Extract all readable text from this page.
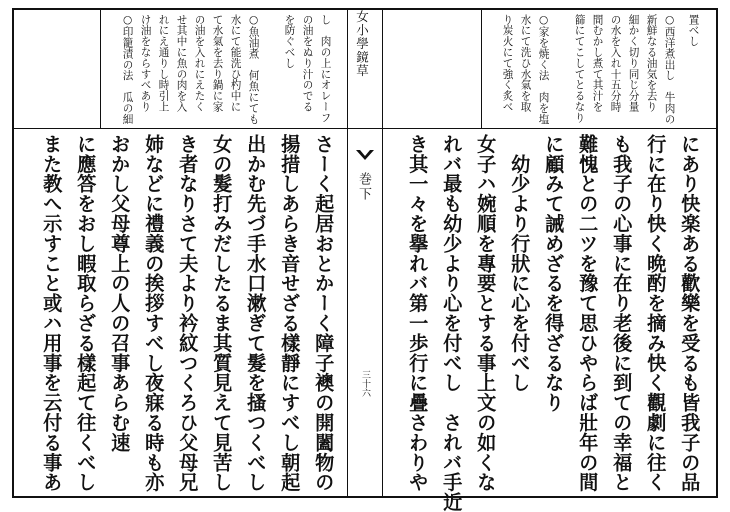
女小學鏡草
巻下
三十六
置べし
○西洋煮出し　牛肉の
新鮮なる油気を去り
細かく切り同じ分量
の水を入れ十五分時
間むかし煮て其汁を
篩にてこしてとるなり
○家を焼く法　肉を塩
水にて洗ひ水氣を取
り炭火にて強く炙べ
にあり快楽ある歡樂を受るも皆我子の品
行に在り快く晩酌を摘み快く觀劇に往く
も我子の心事に在り老後に到ての幸福と
難愧との二ツを豫て思ひやらば壯年の間
に顧みて誡めざるを得ざるなり
　幼少より行狀に心を付べし
女子ハ婉順を專要とする事上文の如くな
れバ最も幼少より心を付べし　されバ手近
き其一々を擧れバ第一歩行に疊さわりや
し　肉の上にオレーフ
の油をぬり汁のでる
を防ぐべし
○魚油煮　何魚にても
水にて能洗ひ杓中に
て水氣を去り鍋に家
の油を入れにえたく
せ其中に魚の肉を入
れにえ通りし時引上
け油をならすべあり
○印籠漬の法　瓜の細
さーく起居おとかーく障子襖の開闔物の
揚措しあらき音せざる樣靜にすべし朝起
出かむ先づ手水口漱ぎて髮を搔つくべし
女の髮打みだしたるま其質見えて見苦し
き者なりさて夫より衿紋つくろひ父母兄
姉などに禮義の挨拶すべし夜寐る時も亦
おかし父母尊上の人の召事あらむ速
に應答をおし暇取らざる樣起て往くべし
また教へ示すこと或ハ用事を云付る事あ
